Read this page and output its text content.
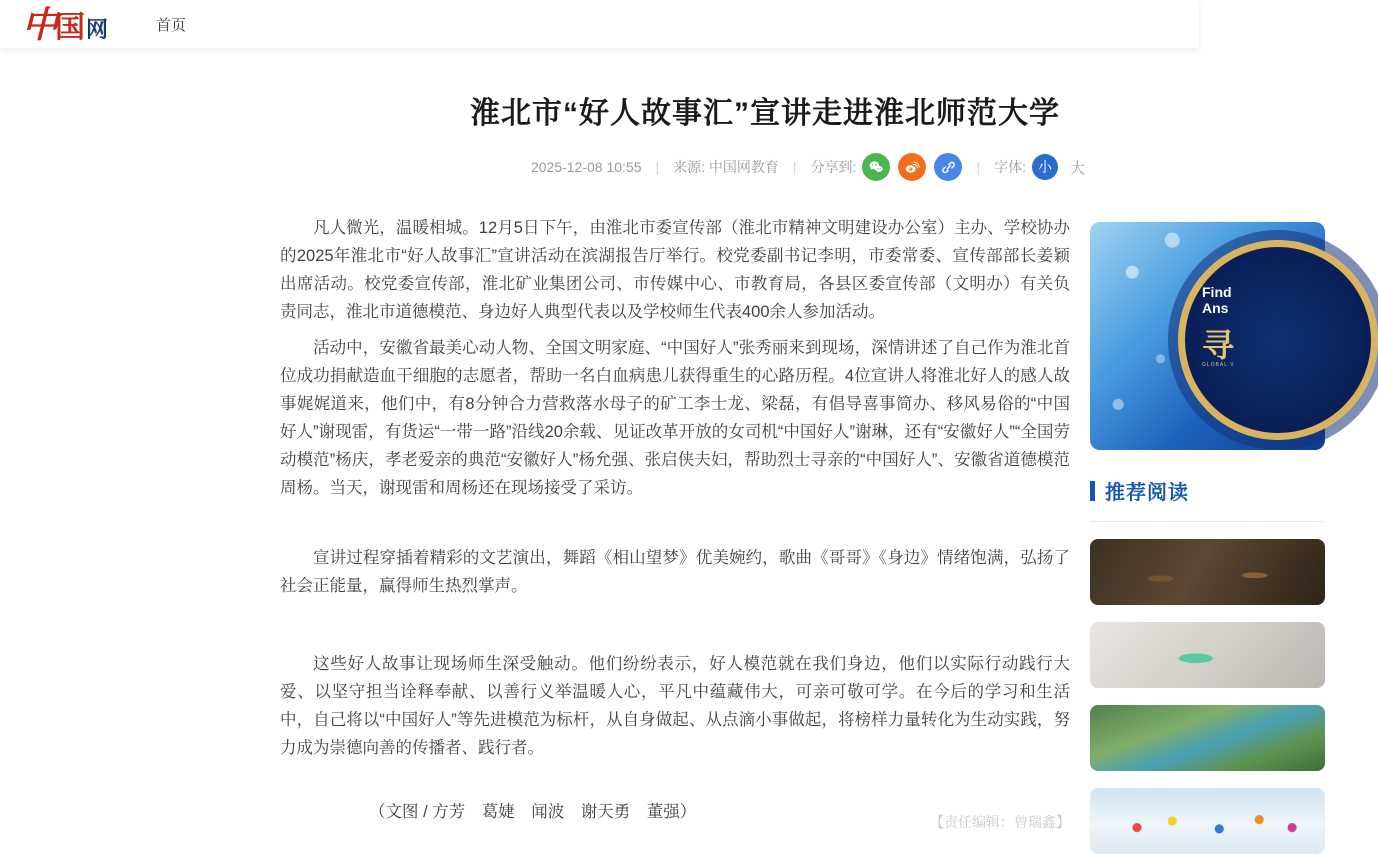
中
国 网	首页
淮北市“好人故事汇”宣讲走进淮北师范大学
2025-12-08 10:55 | 来源: 中国网教育 | 分享到:	| 字体: 小	大

凡人微光，温暖相城。12月5日下午，由淮北市委宣传部（淮北市精神文明建设办公室）主办、学校协办的2025年淮北市“好人故事汇”宣讲活动在滨湖报告厅举行。校党委副书记李明，市委常委、宣传部部长姜颖出席活动。校党委宣传部，淮北矿业集团公司、市传媒中心、市教育局，各县区委宣传部（文明办）有关负责同志，淮北市道德模范、身边好人典型代表以及学校师生代表400余人参加活动。

活动中，安徽省最美心动人物、全国文明家庭、“中国好人”张秀丽来到现场，深情讲述了自己作为淮北首位成功捐献造血干细胞的志愿者，帮助一名白血病患儿获得重生的心路历程。4位宣讲人将淮北好人的感人故事娓娓道来，他们中，有8分钟合力营救落水母子的矿工李士龙、梁磊，有倡导喜事简办、移风易俗的“中国好人”谢现雷，有货运“一带一路”沿线20余载、见证改革开放的女司机“中国好人”谢琳，还有“安徽好人”“全国劳动模范”杨庆，孝老爱亲的典范“安徽好人”杨允强、张启侠夫妇，帮助烈士寻亲的“中国好人”、安徽省道德模范周杨。当天，谢现雷和周杨还在现场接受了采访。

宣讲过程穿插着精彩的文艺演出，舞蹈《相山望梦》优美婉约，歌曲《哥哥》《身边》情绪饱满，弘扬了社会正能量，赢得师生热烈掌声。

这些好人故事让现场师生深受触动。他们纷纷表示，好人模范就在我们身边，他们以实际行动践行大爱、以坚守担当诠释奉献、以善行义举温暖人心，平凡中蕴藏伟大，可亲可敬可学。在今后的学习和生活中，自己将以“中国好人”等先进模范为标杆，从自身做起、从点滴小事做起，将榜样力量转化为生动实践，努力成为崇德向善的传播者、践行者。

（文图 / 方芳　葛婕　闻波　谢天勇　董强）

【责任编辑：曾瑞鑫】
Find
Ans
寻
GLOBAL V
推荐阅读
